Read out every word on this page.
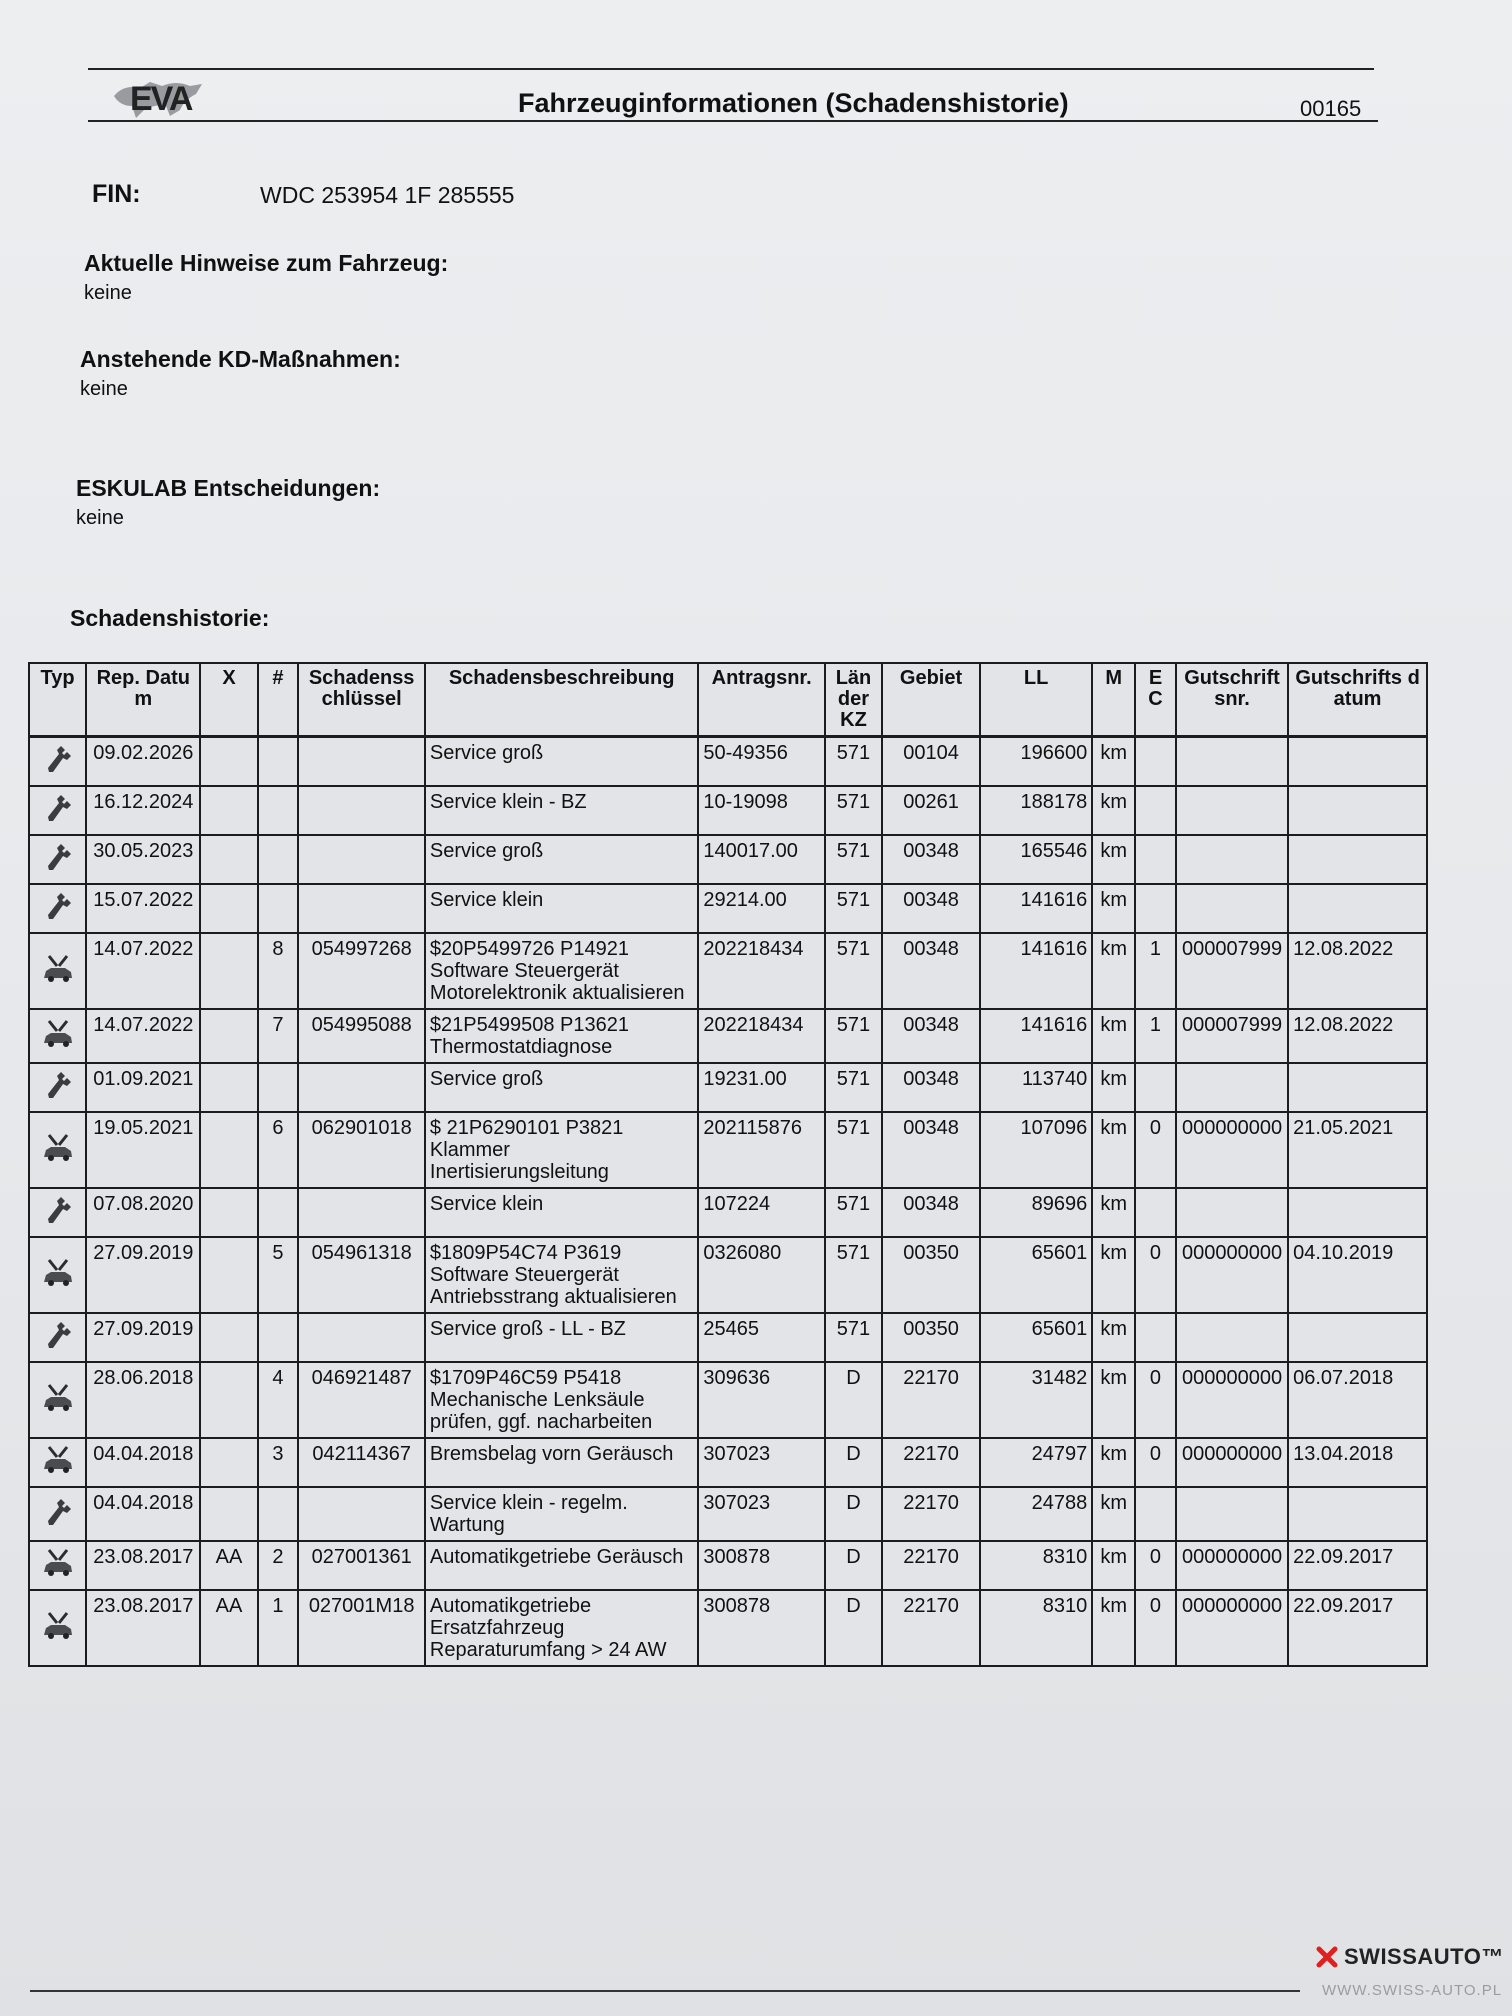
EVA	Fahrzeuginformationen (Schadenshistorie)	00165
FIN:	WDC 253954 1F 285555
Aktuelle Hinweise zum Fahrzeug:
keine
Anstehende KD-Maßnahmen:
keine
ESKULAB Entscheidungen:
keine
Schadenshistorie:
Typ	Rep. Datum	X	#	Schadenss chlüssel	Schadensbeschreibung	Antragsnr.	Län der KZ	Gebiet	LL	M	E C	Gutschrift snr.	Gutschrifts datum
	09.02.2026				Service groß	50-49356	571	00104	196600	km			
	16.12.2024				Service klein - BZ	10-19098	571	00261	188178	km			
	30.05.2023				Service groß	140017.00	571	00348	165546	km			
	15.07.2022				Service klein	29214.00	571	00348	141616	km			
	14.07.2022		8	054997268	$20P5499726 P14921 Software Steuergerät Motorelektronik aktualisieren	202218434	571	00348	141616	km	1	000007999	12.08.2022
	14.07.2022		7	054995088	$21P5499508 P13621 Thermostatdiagnose	202218434	571	00348	141616	km	1	000007999	12.08.2022
	01.09.2021				Service groß	19231.00	571	00348	113740	km			
	19.05.2021		6	062901018	$ 21P6290101 P3821 Klammer Inertisierungsleitung	202115876	571	00348	107096	km	0	000000000	21.05.2021
	07.08.2020				Service klein	107224	571	00348	89696	km			
	27.09.2019		5	054961318	$1809P54C74 P3619 Software Steuergerät Antriebsstrang aktualisieren	0326080	571	00350	65601	km	0	000000000	04.10.2019
	27.09.2019				Service groß - LL - BZ	25465	571	00350	65601	km			
	28.06.2018		4	046921487	$1709P46C59 P5418 Mechanische Lenksäule prüfen, ggf. nacharbeiten	309636	D	22170	31482	km	0	000000000	06.07.2018
	04.04.2018		3	042114367	Bremsbelag vorn Geräusch	307023	D	22170	24797	km	0	000000000	13.04.2018
	04.04.2018				Service klein - regelm. Wartung	307023	D	22170	24788	km			
	23.08.2017	AA	2	027001361	Automatikgetriebe Geräusch	300878	D	22170	8310	km	0	000000000	22.09.2017
	23.08.2017	AA	1	027001M18	Automatikgetriebe Ersatzfahrzeug Reparaturumfang > 24 AW	300878	D	22170	8310	km	0	000000000	22.09.2017
SWISSAUTO™
WWW.SWISS-AUTO.PL
